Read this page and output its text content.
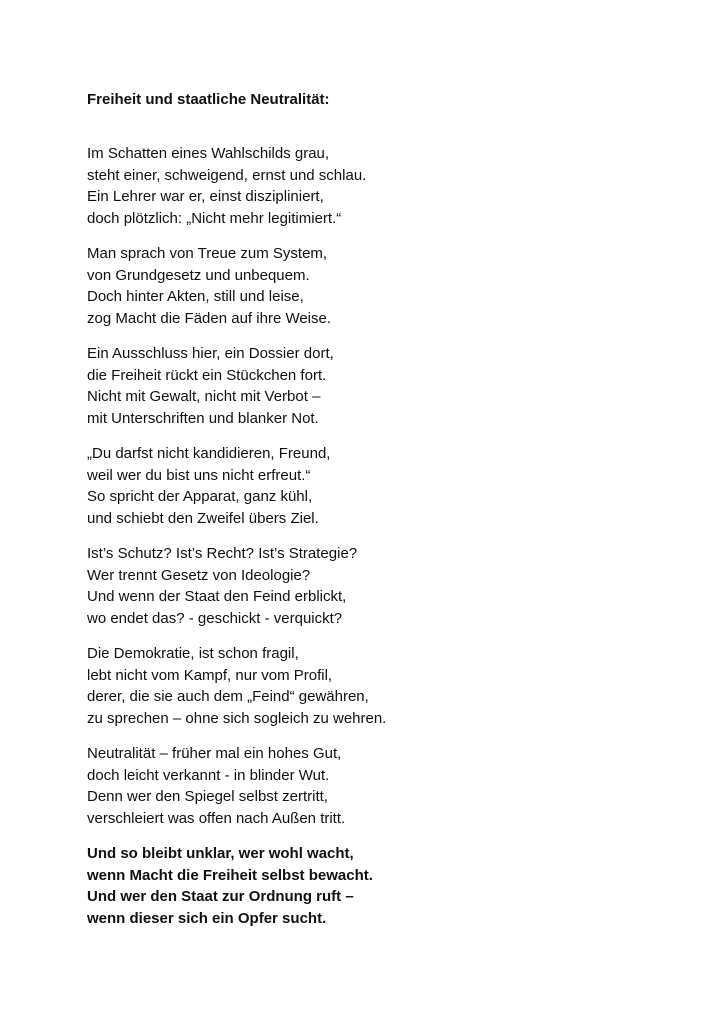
Freiheit und staatliche Neutralität:
Im Schatten eines Wahlschilds grau,
steht einer, schweigend, ernst und schlau.
Ein Lehrer war er, einst diszipliniert,
doch plötzlich: „Nicht mehr legitimiert.“
Man sprach von Treue zum System,
von Grundgesetz und unbequem.
Doch hinter Akten, still und leise,
zog Macht die Fäden auf ihre Weise.
Ein Ausschluss hier, ein Dossier dort,
die Freiheit rückt ein Stückchen fort.
Nicht mit Gewalt, nicht mit Verbot –
mit Unterschriften und blanker Not.
„Du darfst nicht kandidieren, Freund,
weil wer du bist uns nicht erfreut.“
So spricht der Apparat, ganz kühl,
und schiebt den Zweifel übers Ziel.
Ist’s Schutz? Ist’s Recht? Ist’s Strategie?
Wer trennt Gesetz von Ideologie?
Und wenn der Staat den Feind erblickt,
wo endet das? - geschickt - verquickt?
Die Demokratie, ist schon fragil,
lebt nicht vom Kampf, nur vom Profil,
derer, die sie auch dem „Feind“ gewähren,
zu sprechen – ohne sich sogleich zu wehren.
Neutralität – früher mal ein hohes Gut,
doch leicht verkannt - in blinder Wut.
Denn wer den Spiegel selbst zertritt,
verschleiert was offen nach Außen tritt.
Und so bleibt unklar, wer wohl wacht,
wenn Macht die Freiheit selbst bewacht.
Und wer den Staat zur Ordnung ruft –
wenn dieser sich ein Opfer sucht.
